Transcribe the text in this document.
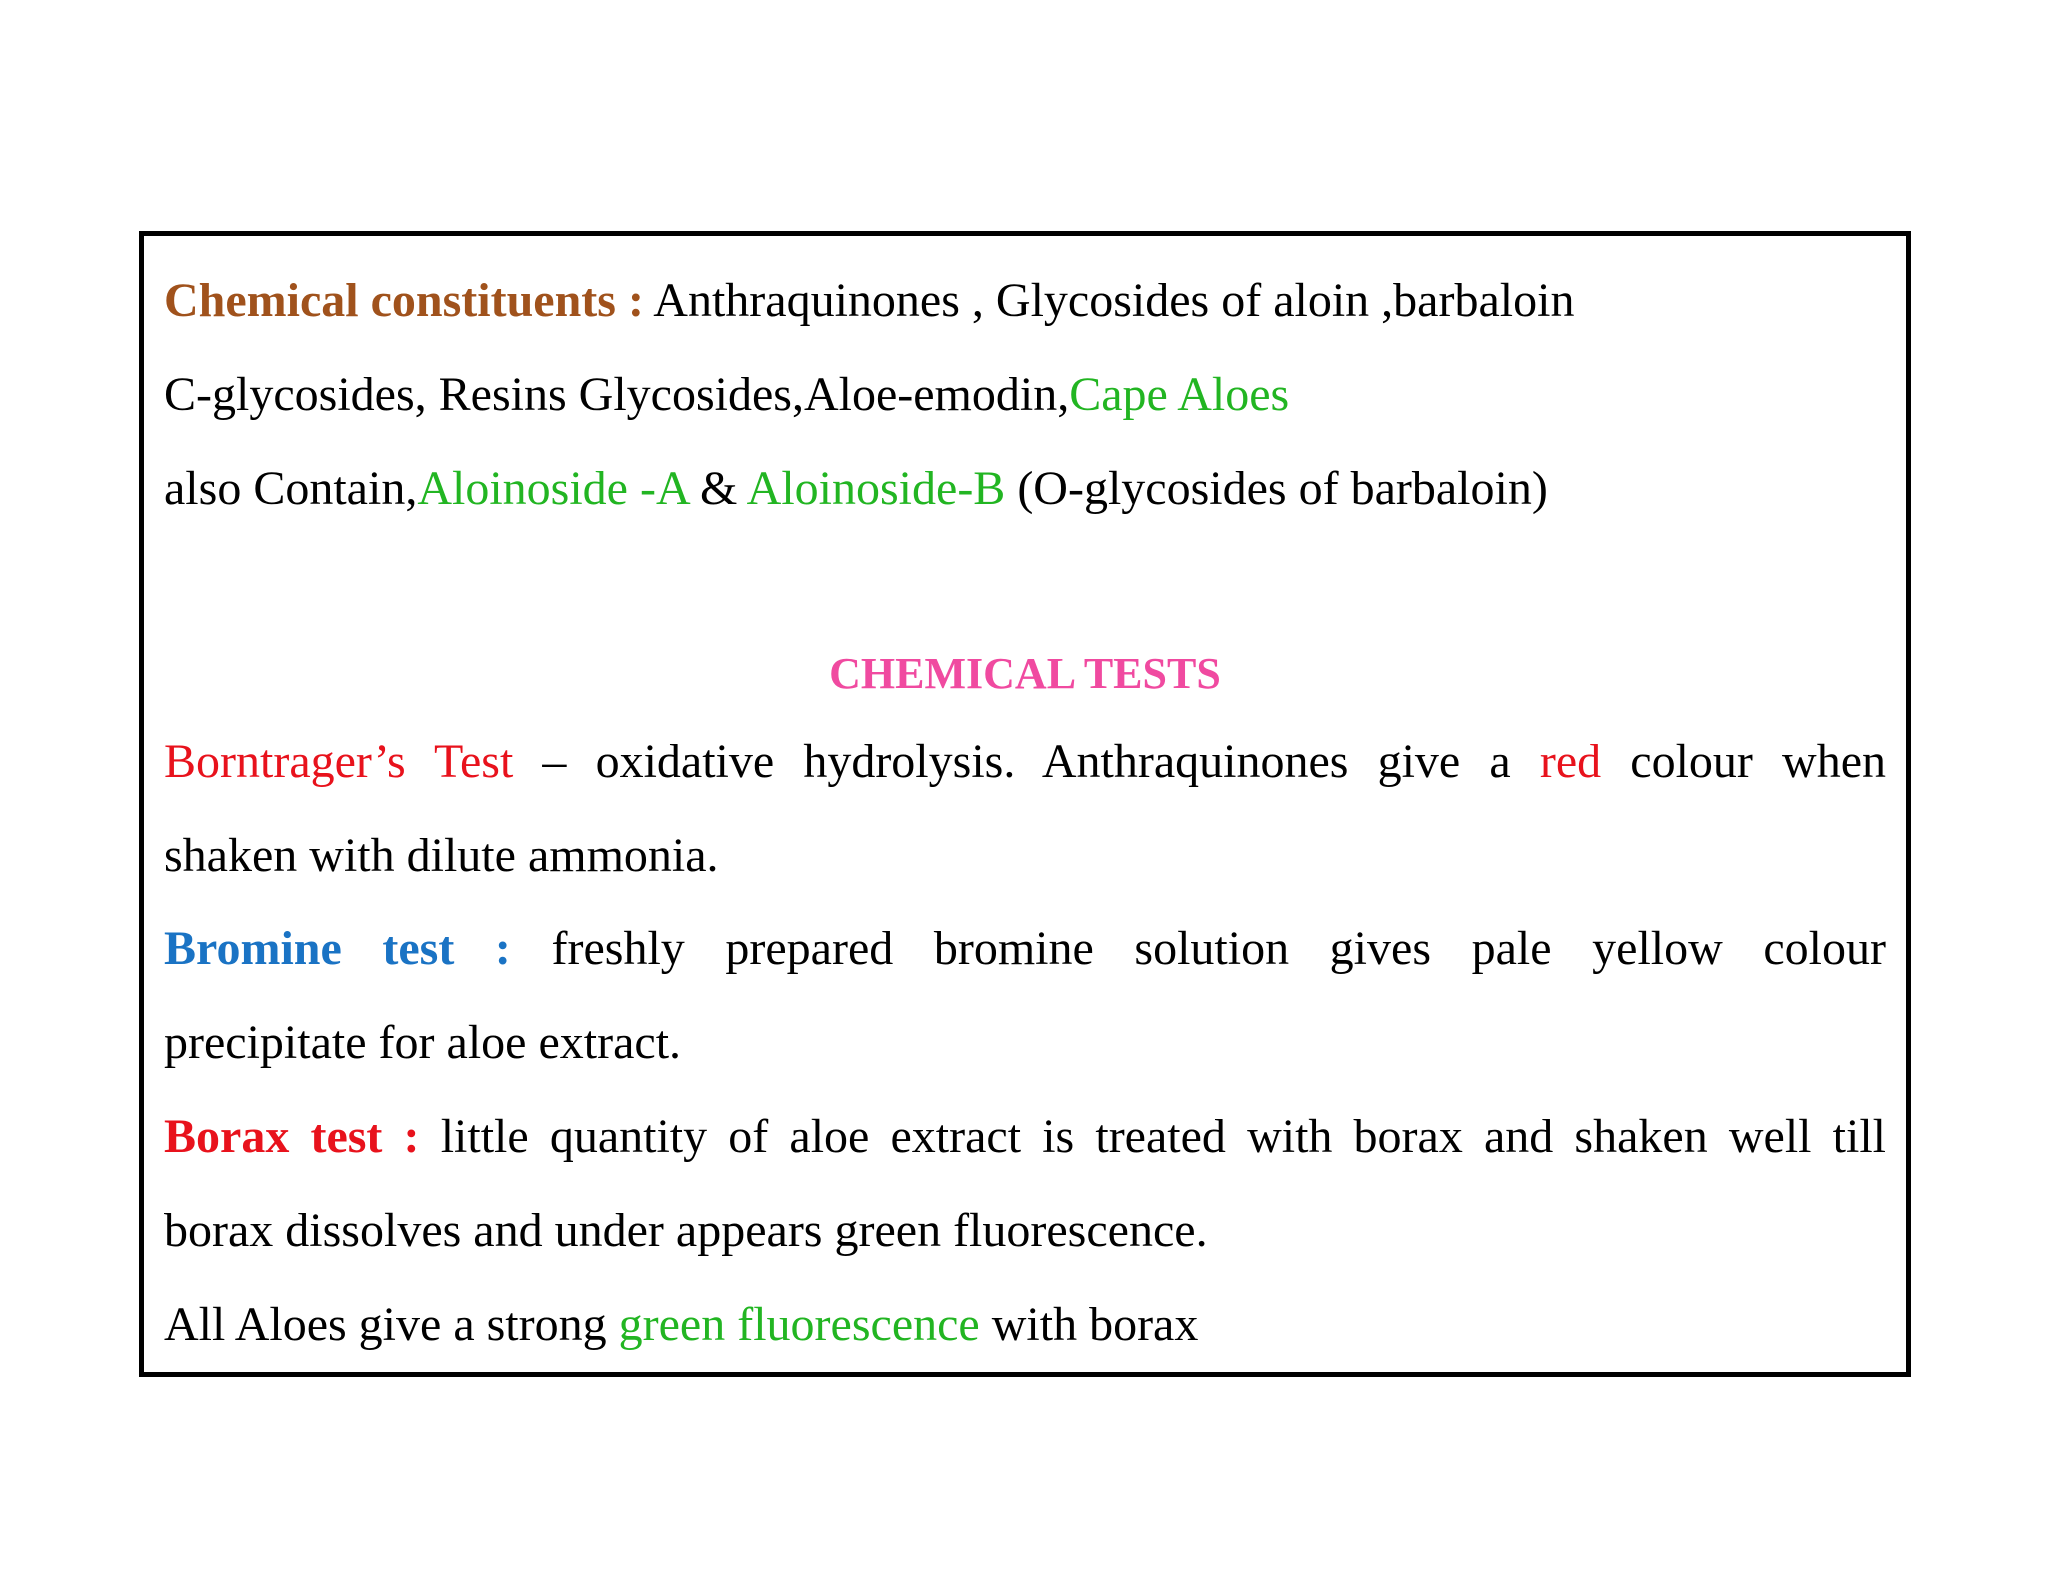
Chemical constituents : Anthraquinones , Glycosides of aloin ,barbaloin
C-glycosides, Resins Glycosides,Aloe-emodin,Cape Aloes
also Contain,Aloinoside -A & Aloinoside-B (O-glycosides of barbaloin)
CHEMICAL TESTS
Borntrager’s Test – oxidative hydrolysis. Anthraquinones give a red colour when
shaken with dilute ammonia.
Bromine test : freshly prepared bromine solution gives pale yellow colour
precipitate for aloe extract.
Borax test : little quantity of aloe extract is treated with borax and shaken well till
borax dissolves and under appears green fluorescence.
All Aloes give a strong green fluorescence with borax
